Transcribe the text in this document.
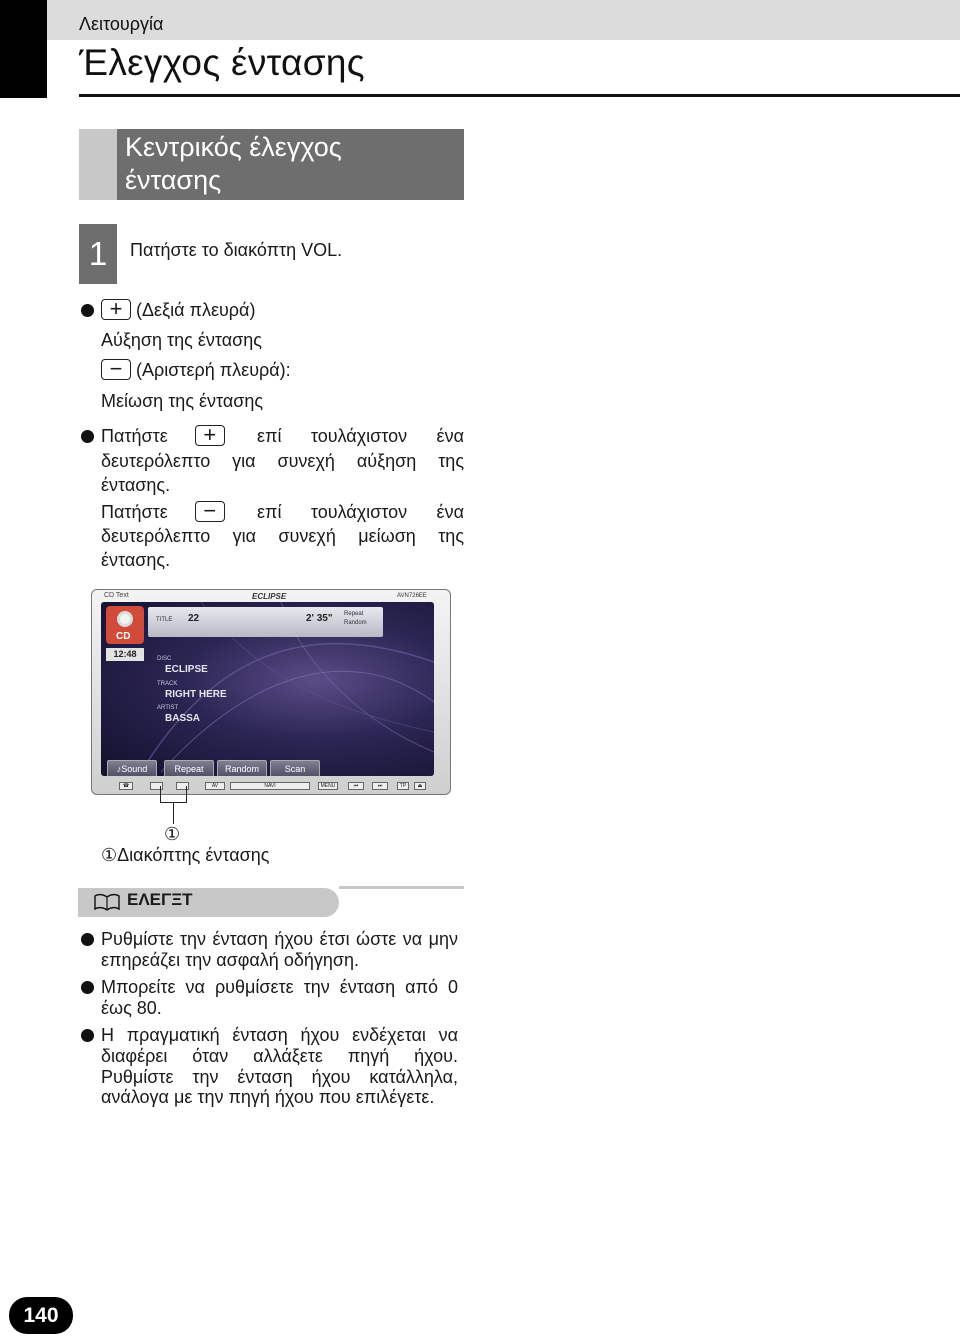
Λειτουργία
Έλεγχος έντασης
Κεντρικός έλεγχος
έντασης
1	Πατήστε το διακόπτη VOL.
+ (Δεξιά πλευρά)
Αύξηση της έντασης
− (Αριστερή πλευρά):
Μείωση της έντασης
Πατήστε	+	επί τουλάχιστον ένα
δευτερόλεπτο για συνεχή αύξηση της
έντασης.
Πατήστε	−	επί τουλάχιστον ένα
δευτερόλεπτο για συνεχή μείωση της
έντασης.
CD Text	ECLIPSE	AVN726EE
CD
12:48
TITLE 22	2' 35" Repeat
Random
DISC
ECLIPSE
TRACK
RIGHT HERE
ARTIST
BASSA
♪Sound	Repeat	Random	Scan
☎	AV	NAVI	MENU	⏮	⏭	TP	⏏
①
①Διακόπτης έντασης
ΕΛΕΓΞΤ
Ρυθμίστε την ένταση ήχου έτσι ώστε να μην
επηρεάζει την ασφαλή οδήγηση.
Μπορείτε να ρυθμίσετε την ένταση από 0
έως 80.
Η πραγματική ένταση ήχου ενδέχεται να
διαφέρει όταν αλλάξετε πηγή ήχου.
Ρυθμίστε την ένταση ήχου κατάλληλα,
ανάλογα με την πηγή ήχου που επιλέγετε.
140
